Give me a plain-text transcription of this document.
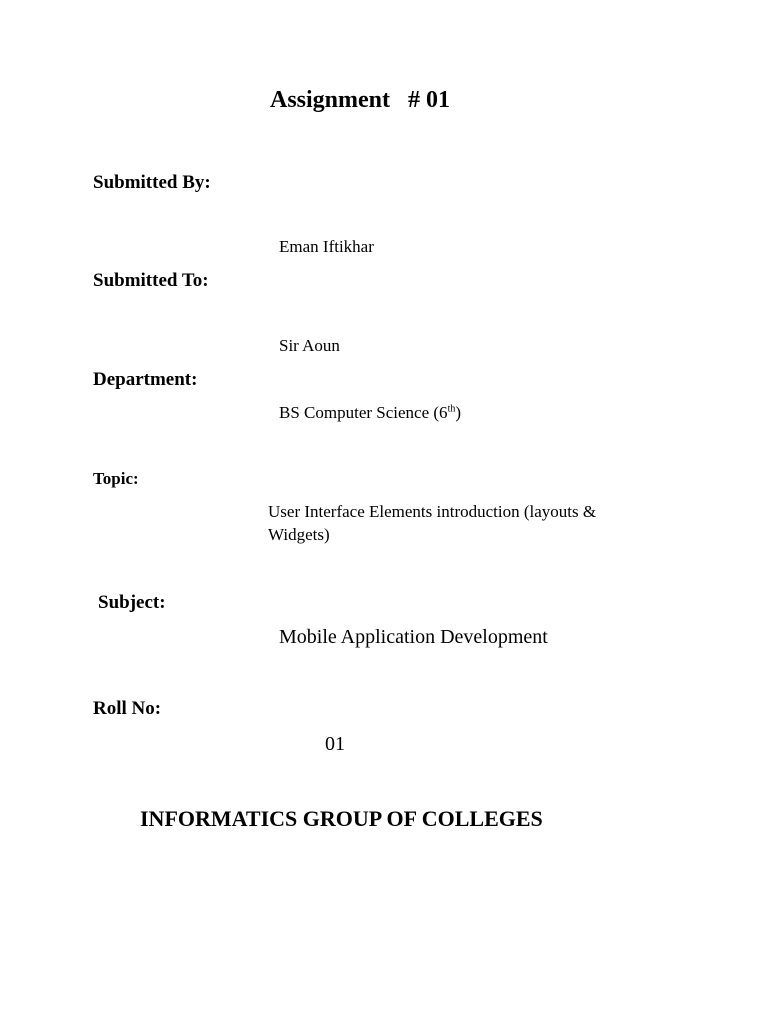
Assignment   # 01
Submitted By:
Eman Iftikhar
Submitted To:
Sir Aoun
Department:
BS Computer Science (6th)
Topic:
User Interface Elements introduction (layouts & Widgets)
Subject:
Mobile Application Development
Roll No:
01
INFORMATICS GROUP OF COLLEGES
